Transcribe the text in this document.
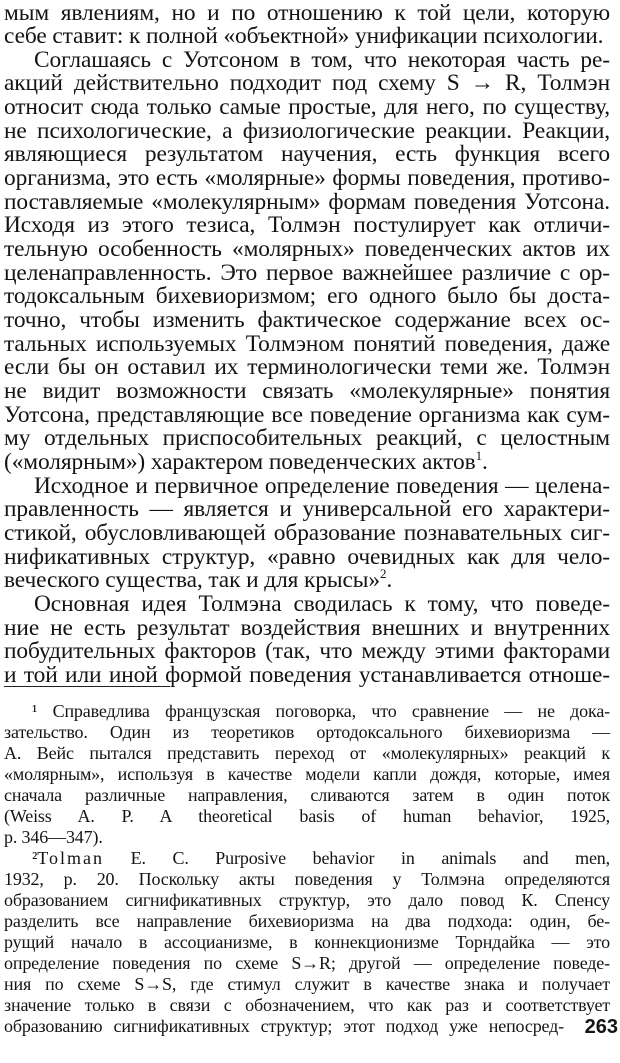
мым явлениям, но и по отношению к той цели, которую
себе ставит: к полной «объектной» унификации психологии.
Соглашаясь с Уотсоном в том, что некоторая часть ре-
акций действительно подходит под схему S → R, Толмэн
относит сюда только самые простые, для него, по существу,
не психологические, а физиологические реакции. Реакции,
являющиеся результатом научения, есть функция всего
организма, это есть «молярные» формы поведения, противо-
поставляемые «молекулярным» формам поведения Уотсона.
Исходя из этого тезиса, Толмэн постулирует как отличи-
тельную особенность «молярных» поведенческих актов их
целенаправленность. Это первое важнейшее различие с ор-
тодоксальным бихевиоризмом; его одного было бы доста-
точно, чтобы изменить фактическое содержание всех ос-
тальных используемых Толмэном понятий поведения, даже
если бы он оставил их терминологически теми же. Толмэн
не видит возможности связать «молекулярные» понятия
Уотсона, представляющие все поведение организма как сум-
му отдельных приспособительных реакций, с целостным
(«молярным») характером поведенческих актов$^1$.
Исходное и первичное определение поведения — целена-
правленность — является и универсальной его характери-
стикой, обусловливающей образование познавательных сиг-
нификативных структур, «равно очевидных как для чело-
веческого существа, так и для крысы»$^2$.
Основная идея Толмэна сводилась к тому, что поведе-
ние не есть результат воздействия внешних и внутренних
побудительных факторов (так, что между этими факторами
и той или иной формой поведения устанавливается отноше-
¹ Справедлива французская поговорка, что сравнение — не дока-
зательство. Один из теоретиков ортодоксального бихевиоризма —
А. Вейс пытался представить переход от «молекулярных» реакций к
«молярным», используя в качестве модели капли дождя, которые, имея
сначала различные направления, сливаются затем в один поток
(Weiss A. P. A theoretical basis of human behavior, 1925,
p. 346—347).
²Tolman E. C. Purposive behavior in animals and men,
1932, p. 20. Поскольку акты поведения у Толмэна определяются
образованием сигнификативных структур, это дало повод К. Спенсу
разделить все направление бихевиоризма на два подхода: один, бе-
рущий начало в ассоцианизме, в коннекционизме Торндайка — это
определение поведения по схеме S→R; другой — определение поведе-
ния по схеме S→S, где стимул служит в качестве знака и получает
значение только в связи с обозначением, что как раз и соответствует
образованию сигнификативных структур; этот подход уже непосред- 263
